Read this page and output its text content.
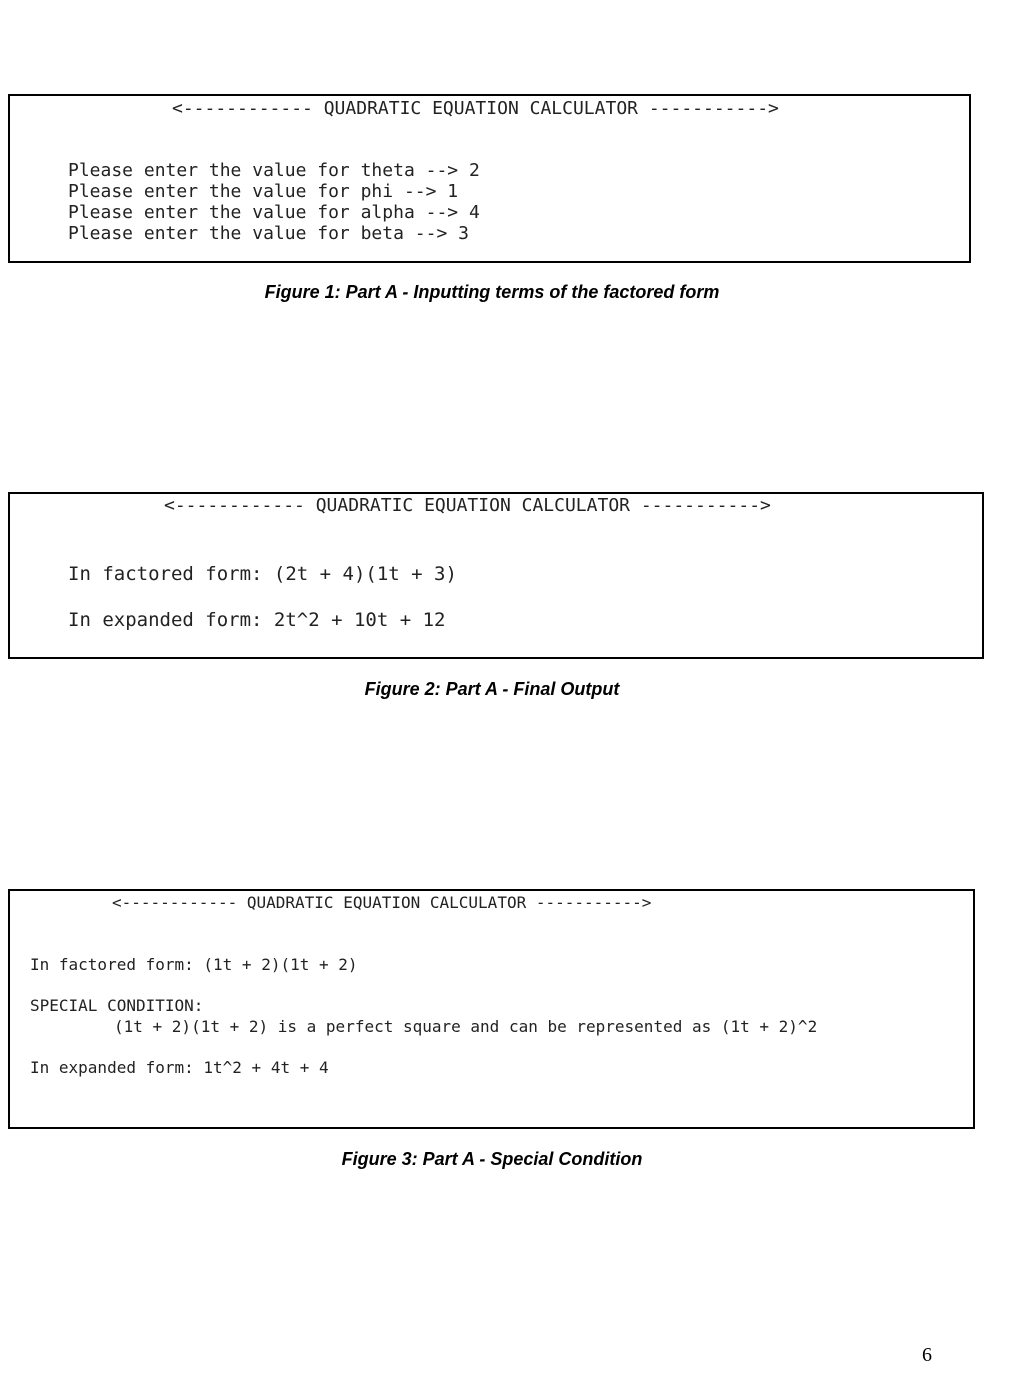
<------------ QUADRATIC EQUATION CALCULATOR ----------->

Please enter the value for theta --> 2

Please enter the value for phi --> 1

Please enter the value for alpha --> 4

Please enter the value for beta --> 3

Figure 1: Part A - Inputting terms of the factored form

<------------ QUADRATIC EQUATION CALCULATOR ----------->

In factored form: (2t + 4)(1t + 3)

In expanded form: 2t^2 + 10t + 12

Figure 2: Part A - Final Output

<------------ QUADRATIC EQUATION CALCULATOR ----------->

In factored form: (1t + 2)(1t + 2)

SPECIAL CONDITION:

(1t + 2)(1t + 2) is a perfect square and can be represented as (1t + 2)^2

In expanded form: 1t^2 + 4t + 4

Figure 3: Part A - Special Condition
6
